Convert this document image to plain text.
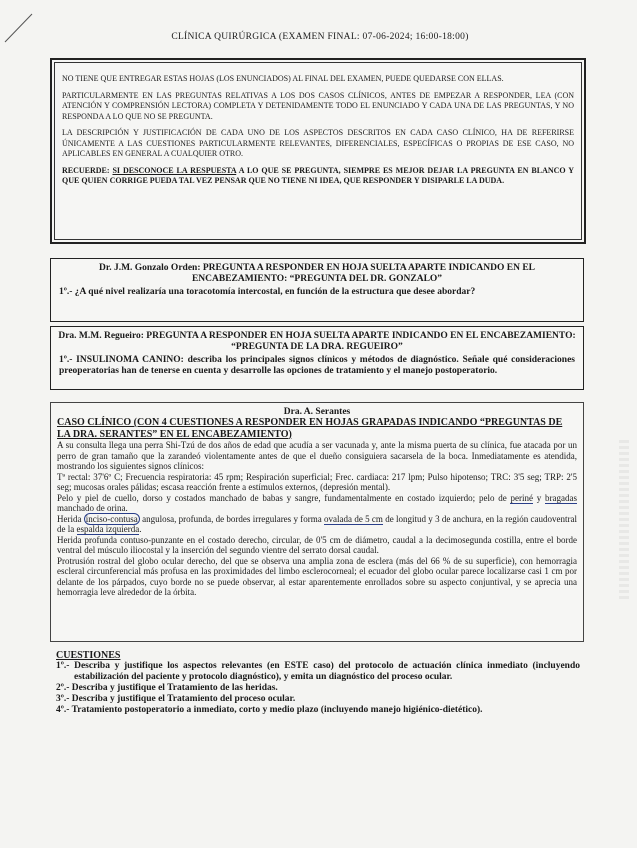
CLÍNICA QUIRÚRGICA (EXAMEN FINAL: 07-06-2024; 16:00-18:00)

NO TIENE QUE ENTREGAR ESTAS HOJAS (LOS ENUNCIADOS) AL FINAL DEL EXAMEN, PUEDE QUEDARSE CON ELLAS.

PARTICULARMENTE EN LAS PREGUNTAS RELATIVAS A LOS DOS CASOS CLÍNICOS, ANTES DE EMPEZAR A RESPONDER, LEA (CON ATENCIÓN Y COMPRENSIÓN LECTORA) COMPLETA Y DETENIDAMENTE TODO EL ENUNCIADO Y CADA UNA DE LAS PREGUNTAS, Y NO RESPONDA A LO QUE NO SE PREGUNTA.

LA DESCRIPCIÓN Y JUSTIFICACIÓN DE CADA UNO DE LOS ASPECTOS DESCRITOS EN CADA CASO CLÍNICO, HA DE REFERIRSE ÚNICAMENTE A LAS CUESTIONES PARTICULARMENTE RELEVANTES, DIFERENCIALES, ESPECÍFICAS O PROPIAS DE ESE CASO, NO APLICABLES EN GENERAL A CUALQUIER OTRO.

RECUERDE: SI DESCONOCE LA RESPUESTA A LO QUE SE PREGUNTA, SIEMPRE ES MEJOR DEJAR LA PREGUNTA EN BLANCO Y QUE QUIEN CORRIGE PUEDA TAL VEZ PENSAR QUE NO TIENE NI IDEA, QUE RESPONDER Y DISIPARLE LA DUDA.

Dr. J.M. Gonzalo Orden: PREGUNTA A RESPONDER EN HOJA SUELTA APARTE INDICANDO EN EL ENCABEZAMIENTO: “PREGUNTA DEL DR. GONZALO”
1º.- ¿A qué nivel realizaría una toracotomía intercostal, en función de la estructura que desee abordar?
Dra. M.M. Regueiro: PREGUNTA A RESPONDER EN HOJA SUELTA APARTE INDICANDO EN EL ENCABEZAMIENTO: “PREGUNTA DE LA DRA. REGUEIRO”
1º.- INSULINOMA CANINO: describa los principales signos clínicos y métodos de diagnóstico. Señale qué consideraciones preoperatorias han de tenerse en cuenta y desarrolle las opciones de tratamiento y el manejo postoperatorio.
Dra. A. Serantes
CASO CLÍNICO (CON 4 CUESTIONES A RESPONDER EN HOJAS GRAPADAS INDICANDO “PREGUNTAS DE LA DRA. SERANTES” EN EL ENCABEZAMIENTO)

A su consulta llega una perra Shi-Tzú de dos años de edad que acudía a ser vacunada y, ante la misma puerta de su clínica, fue atacada por un perro de gran tamaño que la zarandeó violentamente antes de que el dueño consiguiera sacarsela de la boca. Inmediatamente es atendida, mostrando los siguientes signos clínicos:

Tª rectal: 37'6º C; Frecuencia respiratoria: 45 rpm; Respiración superficial; Frec. cardiaca: 217 lpm; Pulso hipotenso; TRC: 3'5 seg; TRP: 2'5 seg; mucosas orales pálidas; escasa reacción frente a estímulos externos, (depresión mental).

Pelo y piel de cuello, dorso y costados manchado de babas y sangre, fundamentalmente en costado izquierdo; pelo de periné y bragadas manchado de orina.

Herida inciso-contusa angulosa, profunda, de bordes irregulares y forma ovalada de 5 cm de longitud y 3 de anchura, en la región caudoventral de la espalda izquierda.

Herida profunda contuso-punzante en el costado derecho, circular, de 0'5 cm de diámetro, caudal a la decimosegunda costilla, entre el borde ventral del músculo iliocostal y la inserción del segundo vientre del serrato dorsal caudal.

Protrusión rostral del globo ocular derecho, del que se observa una amplia zona de esclera (más del 66 % de su superficie), con hemorragia escleral circunferencial más profusa en las proximidades del limbo esclerocorneal; el ecuador del globo ocular parece localizarse casi 1 cm por delante de los párpados, cuyo borde no se puede observar, al estar aparentemente enrollados sobre su aspecto conjuntival, y se aprecia una hemorragia leve alrededor de la órbita.

CUESTIONES
1º.- Describa y justifique los aspectos relevantes (en ESTE caso) del protocolo de actuación clínica inmediato (incluyendo estabilización del paciente y protocolo diagnóstico), y emita un diagnóstico del proceso ocular.
2º.- Describa y justifique el Tratamiento de las heridas.
3º.- Describa y justifique el Tratamiento del proceso ocular.
4º.- Tratamiento postoperatorio a inmediato, corto y medio plazo (incluyendo manejo higiénico-dietético).
